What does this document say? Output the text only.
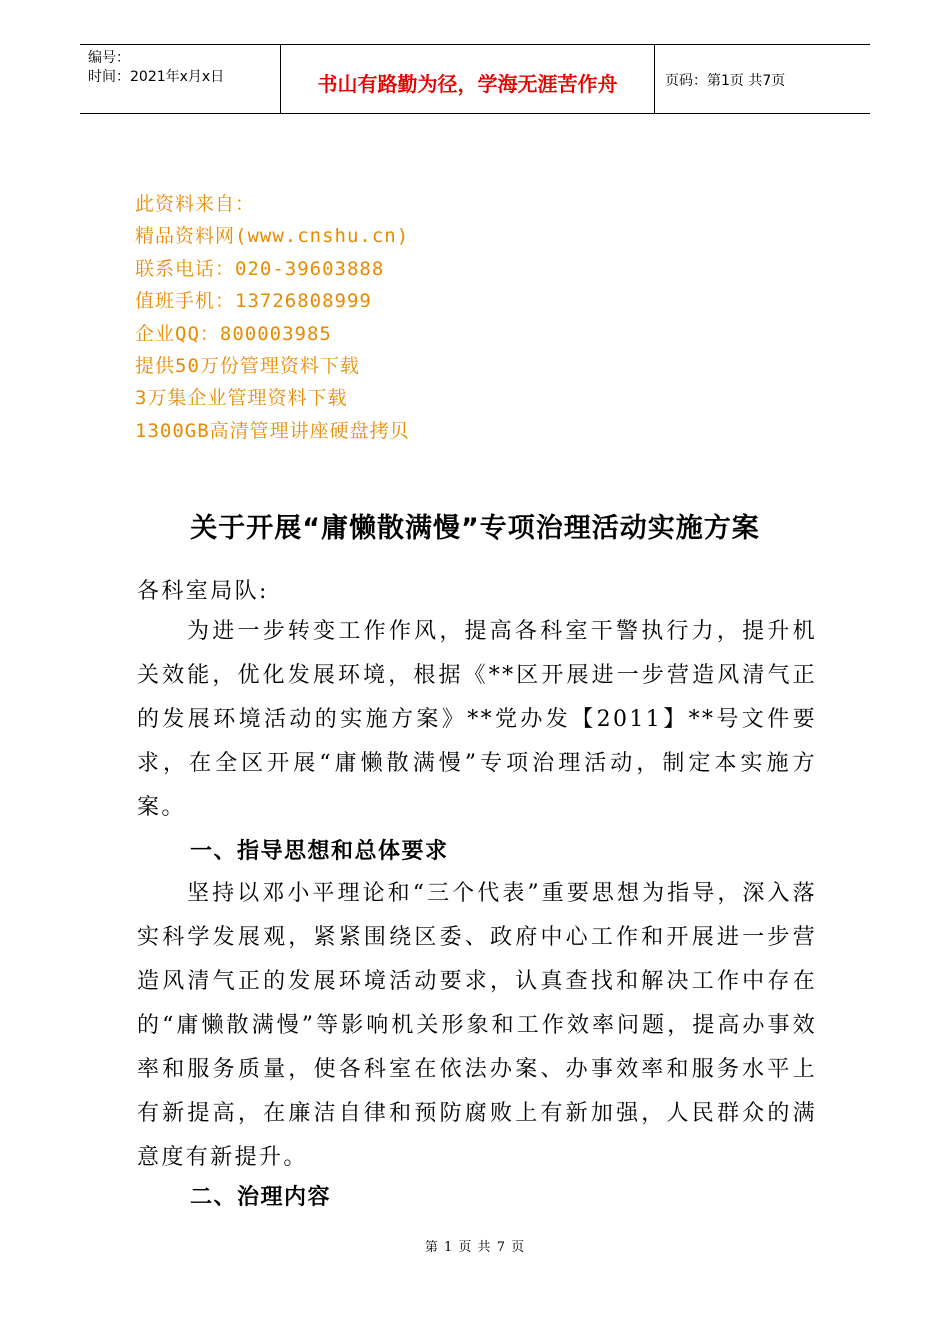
编号：
时间：2021年x月x日	书山有路勤为径，学海无涯苦作舟	页码：第1页 共7页
此资料来自：
精品资料网(www.cnshu.cn)
联系电话：020-39603888
值班手机：13726808999
企业QQ：800003985
提供50万份管理资料下载
3万集企业管理资料下载
1300GB高清管理讲座硬盘拷贝
关于开展“庸懒散满慢”专项治理活动实施方案
各科室局队:
为进一步转变工作作风，提高各科室干警执行力，提升机关效能，优化发展环境，根据《**区开展进一步营造风清气正的发展环境活动的实施方案》**党办发【2011】**号文件要求，在全区开展“庸懒散满慢”专项治理活动，制定本实施方案。
一、指导思想和总体要求
坚持以邓小平理论和“三个代表”重要思想为指导，深入落实科学发展观，紧紧围绕区委、政府中心工作和开展进一步营造风清气正的发展环境活动要求，认真查找和解决工作中存在的“庸懒散满慢”等影响机关形象和工作效率问题，提高办事效率和服务质量，使各科室在依法办案、办事效率和服务水平上有新提高，在廉洁自律和预防腐败上有新加强，人民群众的满意度有新提升。
二、治理内容
第 1 页 共 7 页
